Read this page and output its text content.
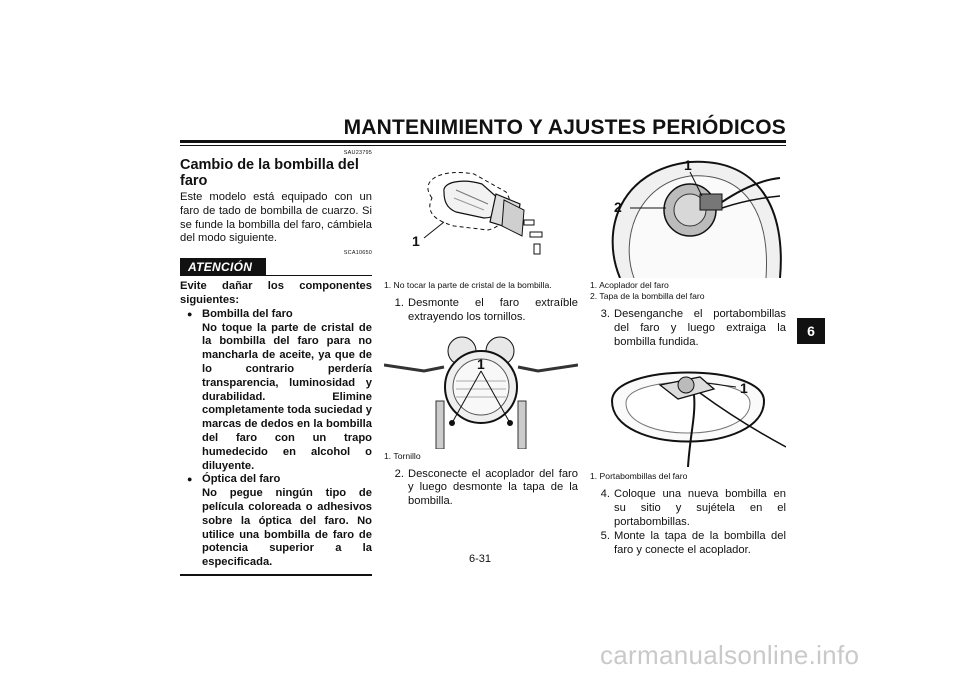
MANTENIMIENTO Y AJUSTES PERIÓDICOS
6
SAU23795
Cambio de la bombilla del faro

Este modelo está equipado con un faro de tado de bombilla de cuarzo. Si se funde la bombilla del faro, cámbiela del modo siguiente.

SCA10650
ATENCIÓN

Evite dañar los componentes siguientes:

● Bombilla del faro
No toque la parte de cristal de la bombilla del faro para no mancharla de aceite, ya que de lo contrario perdería transparencia, luminosidad y durabilidad. Elimine completamente toda suciedad y marcas de dedos en la bombilla del faro con un trapo humedecido en alcohol o diluyente.
● Óptica del faro
No pegue ningún tipo de película coloreada o adhesivos sobre la óptica del faro. No utilice una bombilla de faro de potencia superior a la especificada.
1

1. No tocar la parte de cristal de la bombilla.

1. Desmonte el faro extraíble extrayendo los tornillos.
1

1. Tornillo

2. Desconecte el acoplador del faro y luego desmonte la tapa de la bombilla.
1
2

1. Acoplador del faro

2. Tapa de la bombilla del faro

3. Desenganche el portabombillas del faro y luego extraiga la bombilla fundida.
1

1. Portabombillas del faro

4. Coloque una nueva bombilla en su sitio y sujétela en el portabombillas.
5. Monte la tapa de la bombilla del faro y conecte el acoplador.
6-31
carmanualsonline.info
